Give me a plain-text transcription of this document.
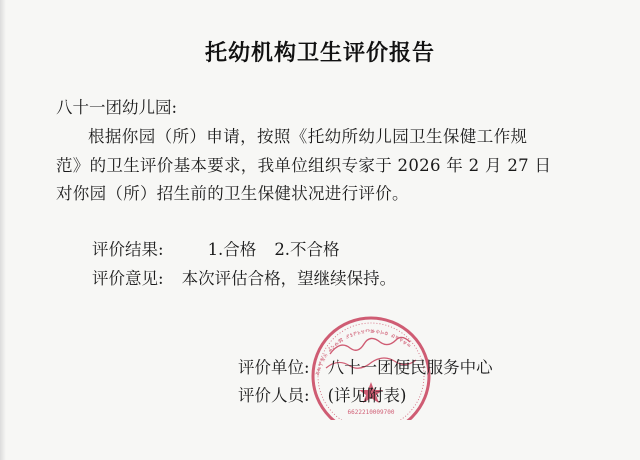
托幼机构卫生评价报告
八十一团幼儿园:
根据你园（所）申请，按照《托幼所幼儿园卫生保健工作规
范》的卫生评价基本要求，我单位组织专家于 2026 年 2 月 27 日
对你园（所）招生前的卫生保健状况进行评价。
评价结果:	1.合格 2.不合格
评价意见: 本次评估合格，望继续保持。
ⰶⰸⰹⰺⰻ ⰼⰽⰾⰿ ⱀⱁⱂⱃⱄⱅⱆⱇⱈⱉ ⱊⱋⱌⱍⱎ
6622210009700
评价单位: 八十一团便民服务中心
评价人员: (详见附表)
